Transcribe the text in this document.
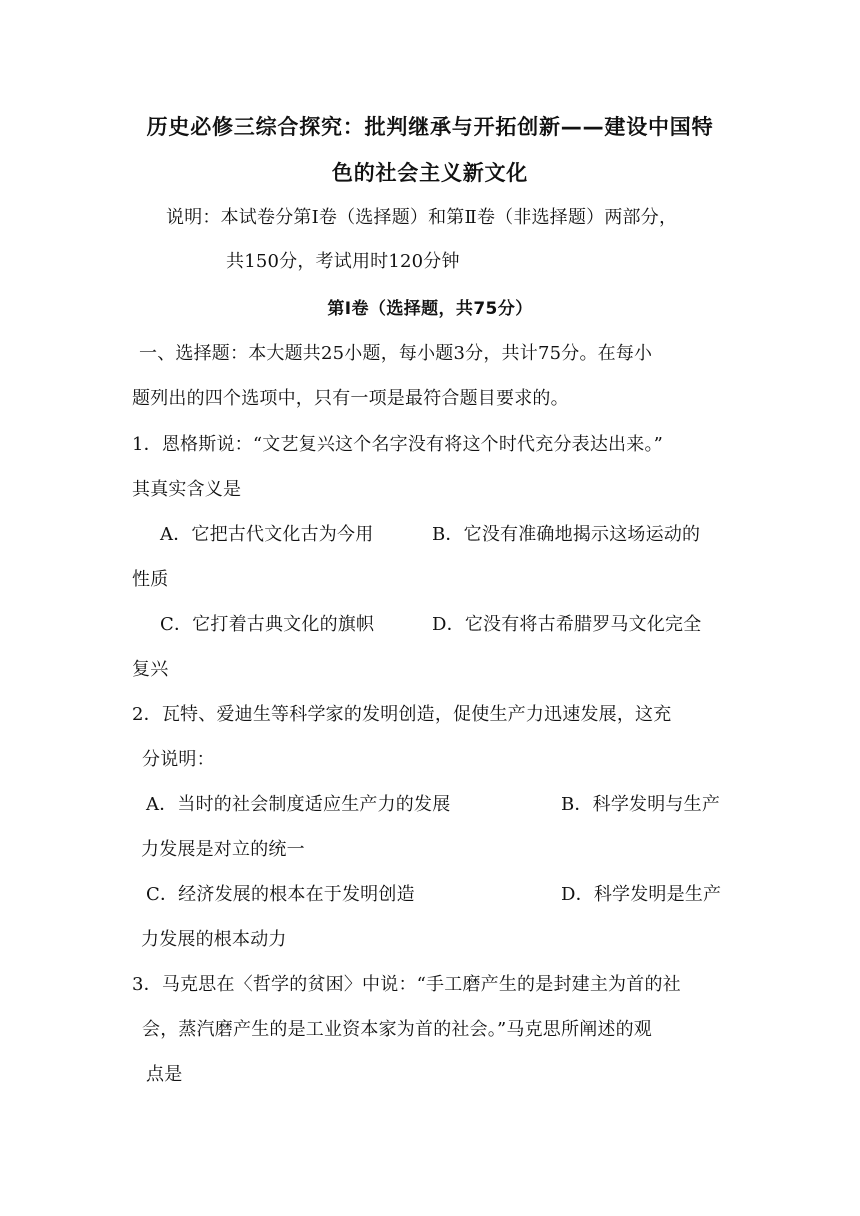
历史必修三综合探究：批判继承与开拓创新——建设中国特
色的社会主义新文化
说明：本试卷分第Ⅰ卷（选择题）和第Ⅱ卷（非选择题）两部分，
共150分，考试用时120分钟
第Ⅰ卷（选择题，共75分）
一、选择题：本大题共25小题，每小题3分，共计75分。在每小
题列出的四个选项中，只有一项是最符合题目要求的。
1．恩格斯说：“文艺复兴这个名字没有将这个时代充分表达出来。”
其真实含义是
A．它把古代文化古为今用	B．它没有准确地揭示这场运动的
性质
C．它打着古典文化的旗帜	D．它没有将古希腊罗马文化完全
复兴
2．瓦特、爱迪生等科学家的发明创造，促使生产力迅速发展，这充
分说明：
A．当时的社会制度适应生产力的发展	B．科学发明与生产
力发展是对立的统一
C．经济发展的根本在于发明创造	D．科学发明是生产
力发展的根本动力
3．马克思在〈哲学的贫困〉中说：“手工磨产生的是封建主为首的社
会，蒸汽磨产生的是工业资本家为首的社会。”马克思所阐述的观
点是
